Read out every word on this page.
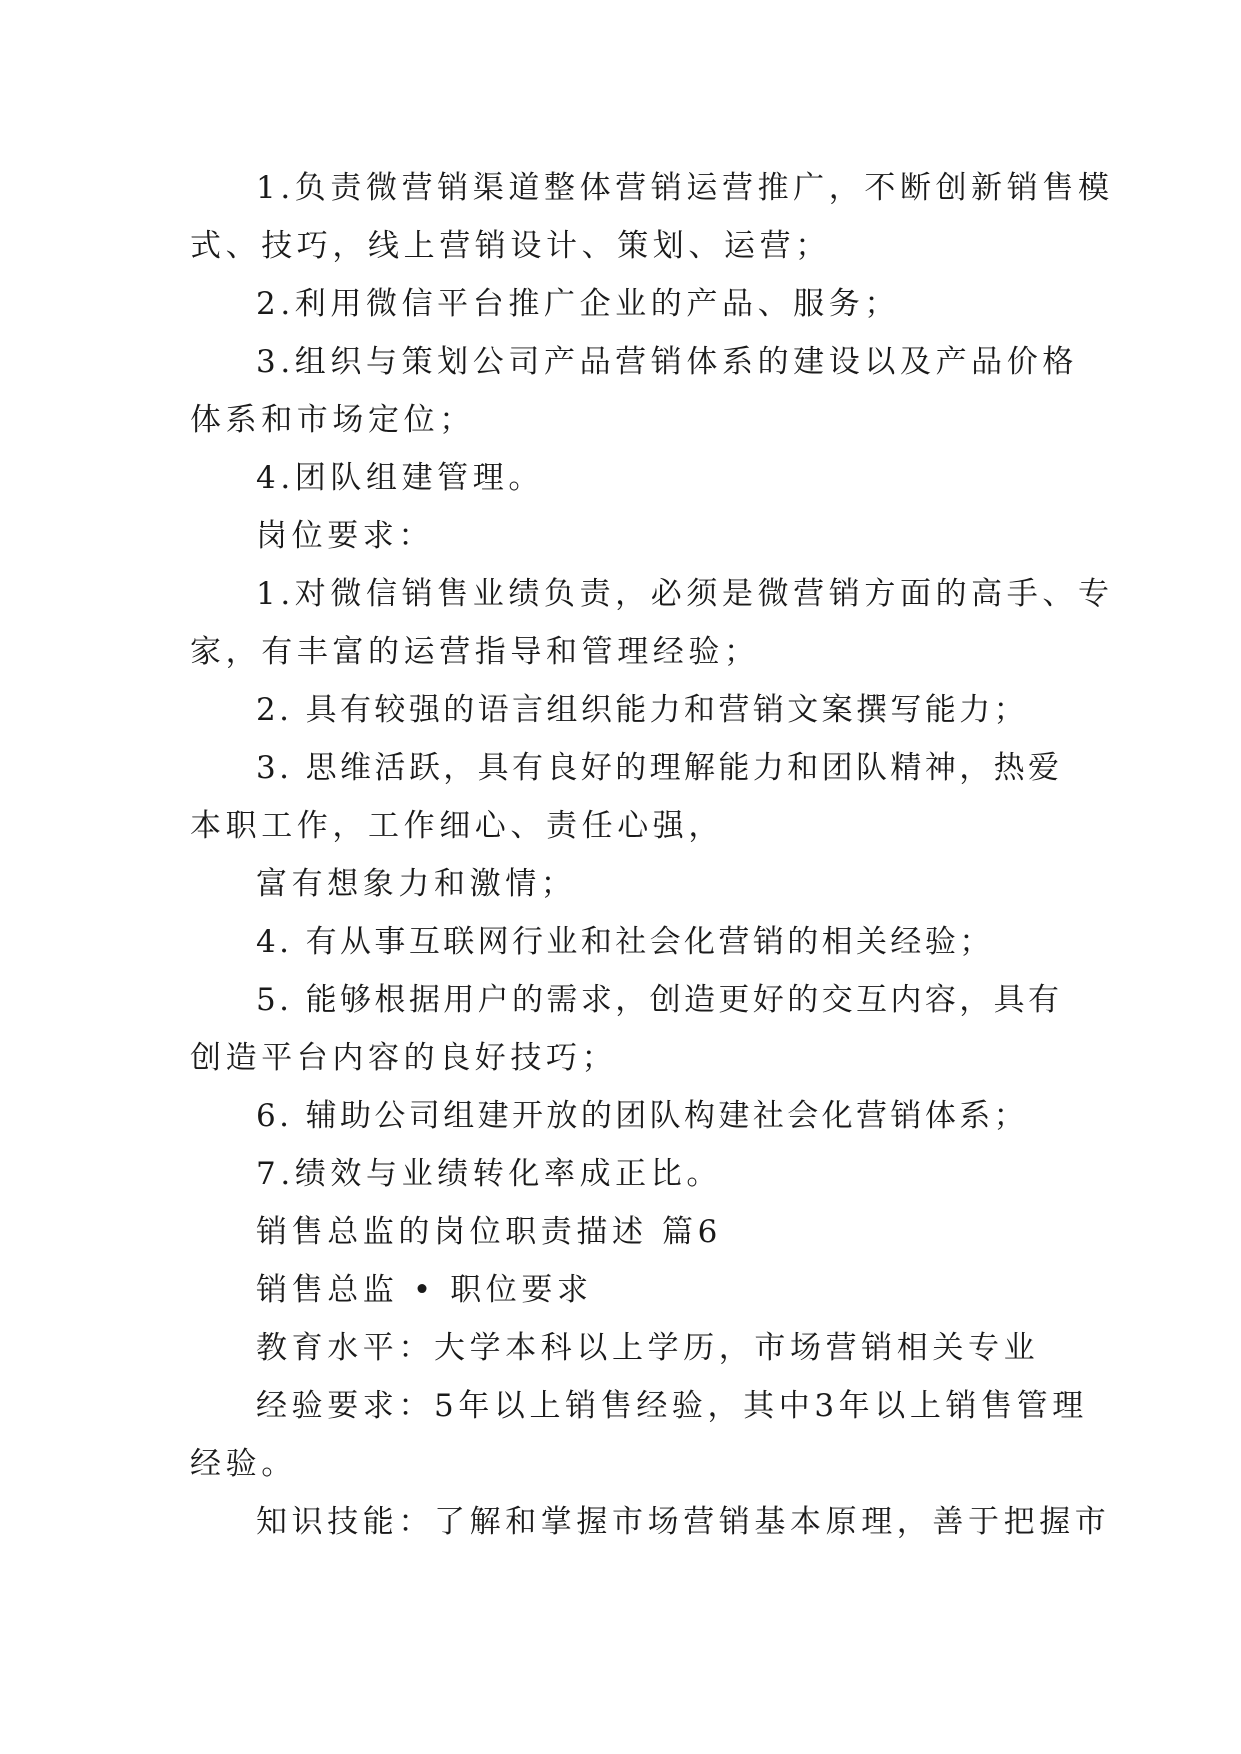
1.负责微营销渠道整体营销运营推广，不断创新销售模
式、技巧，线上营销设计、策划、运营；
2.利用微信平台推广企业的产品、服务；
3.组织与策划公司产品营销体系的建设以及产品价格
体系和市场定位；
4.团队组建管理。
岗位要求：
1.对微信销售业绩负责，必须是微营销方面的高手、专
家，有丰富的运营指导和管理经验；
2. 具有较强的语言组织能力和营销文案撰写能力；
3. 思维活跃，具有良好的理解能力和团队精神，热爱
本职工作，工作细心、责任心强，
富有想象力和激情；
4. 有从事互联网行业和社会化营销的相关经验；
5. 能够根据用户的需求，创造更好的交互内容，具有
创造平台内容的良好技巧；
6. 辅助公司组建开放的团队构建社会化营销体系；
7.绩效与业绩转化率成正比。
销售总监的岗位职责描述 篇6
销售总监 • 职位要求
教育水平：大学本科以上学历，市场营销相关专业
经验要求：5年以上销售经验，其中3年以上销售管理
经验。
知识技能：了解和掌握市场营销基本原理，善于把握市
